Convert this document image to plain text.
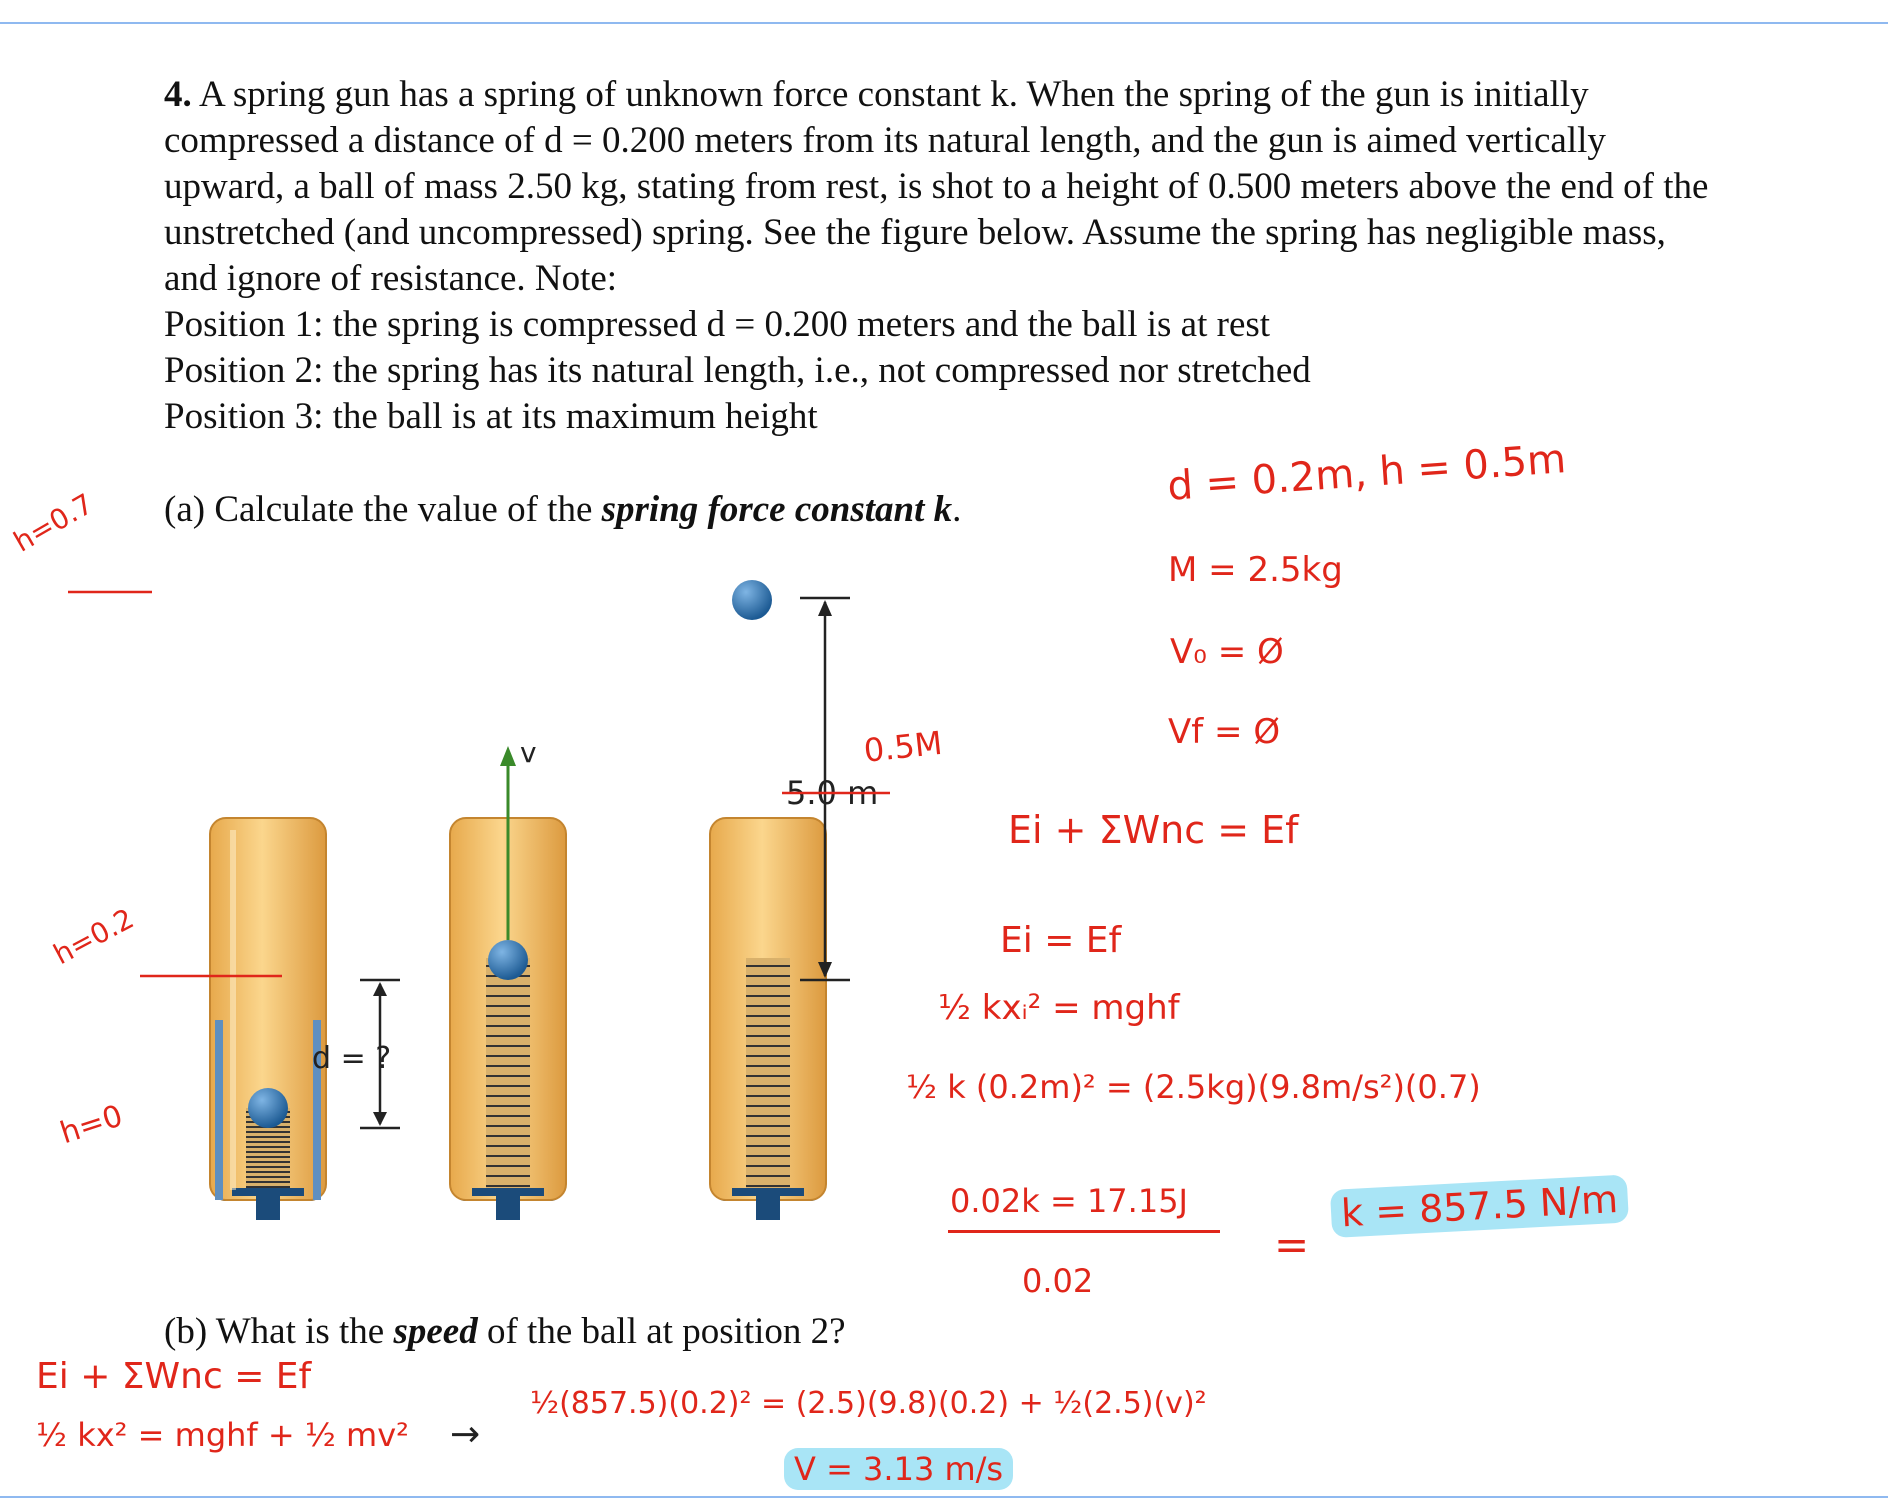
4. A spring gun has a spring of unknown force constant k. When the spring of the gun is initially compressed a distance of d = 0.200 meters from its natural length, and the gun is aimed vertically upward, a ball of mass 2.50 kg, stating from rest, is shot to a height of 0.500 meters above the end of the unstretched (and uncompressed) spring. See the figure below. Assume the spring has negligible mass, and ignore of resistance. Note:

Position 1: the spring is compressed d = 0.200 meters and the ball is at rest

Position 2: the spring has its natural length, i.e., not compressed nor stretched

Position 3: the ball is at its maximum height

(a) Calculate the value of the spring force constant k.
(b) What is the speed of the ball at position 2?
d = ?
v
5.0 m
h=0.7
h=0.2
h=0
d = 0.2m, h = 0.5m
M = 2.5kg
V₀ = Ø
Vf = Ø
0.5M
Ei + ΣWnc = Ef
Ei = Ef
½ kxᵢ² = mghf
½ k (0.2m)² = (2.5kg)(9.8m/s²)(0.7)
0.02k = 17.15J
0.02
=
k = 857.5 N/m
Ei + ΣWnc = Ef
½ kx² = mghf + ½ mv² →
½(857.5)(0.2)² = (2.5)(9.8)(0.2) + ½(2.5)(v)²
V = 3.13 m/s
